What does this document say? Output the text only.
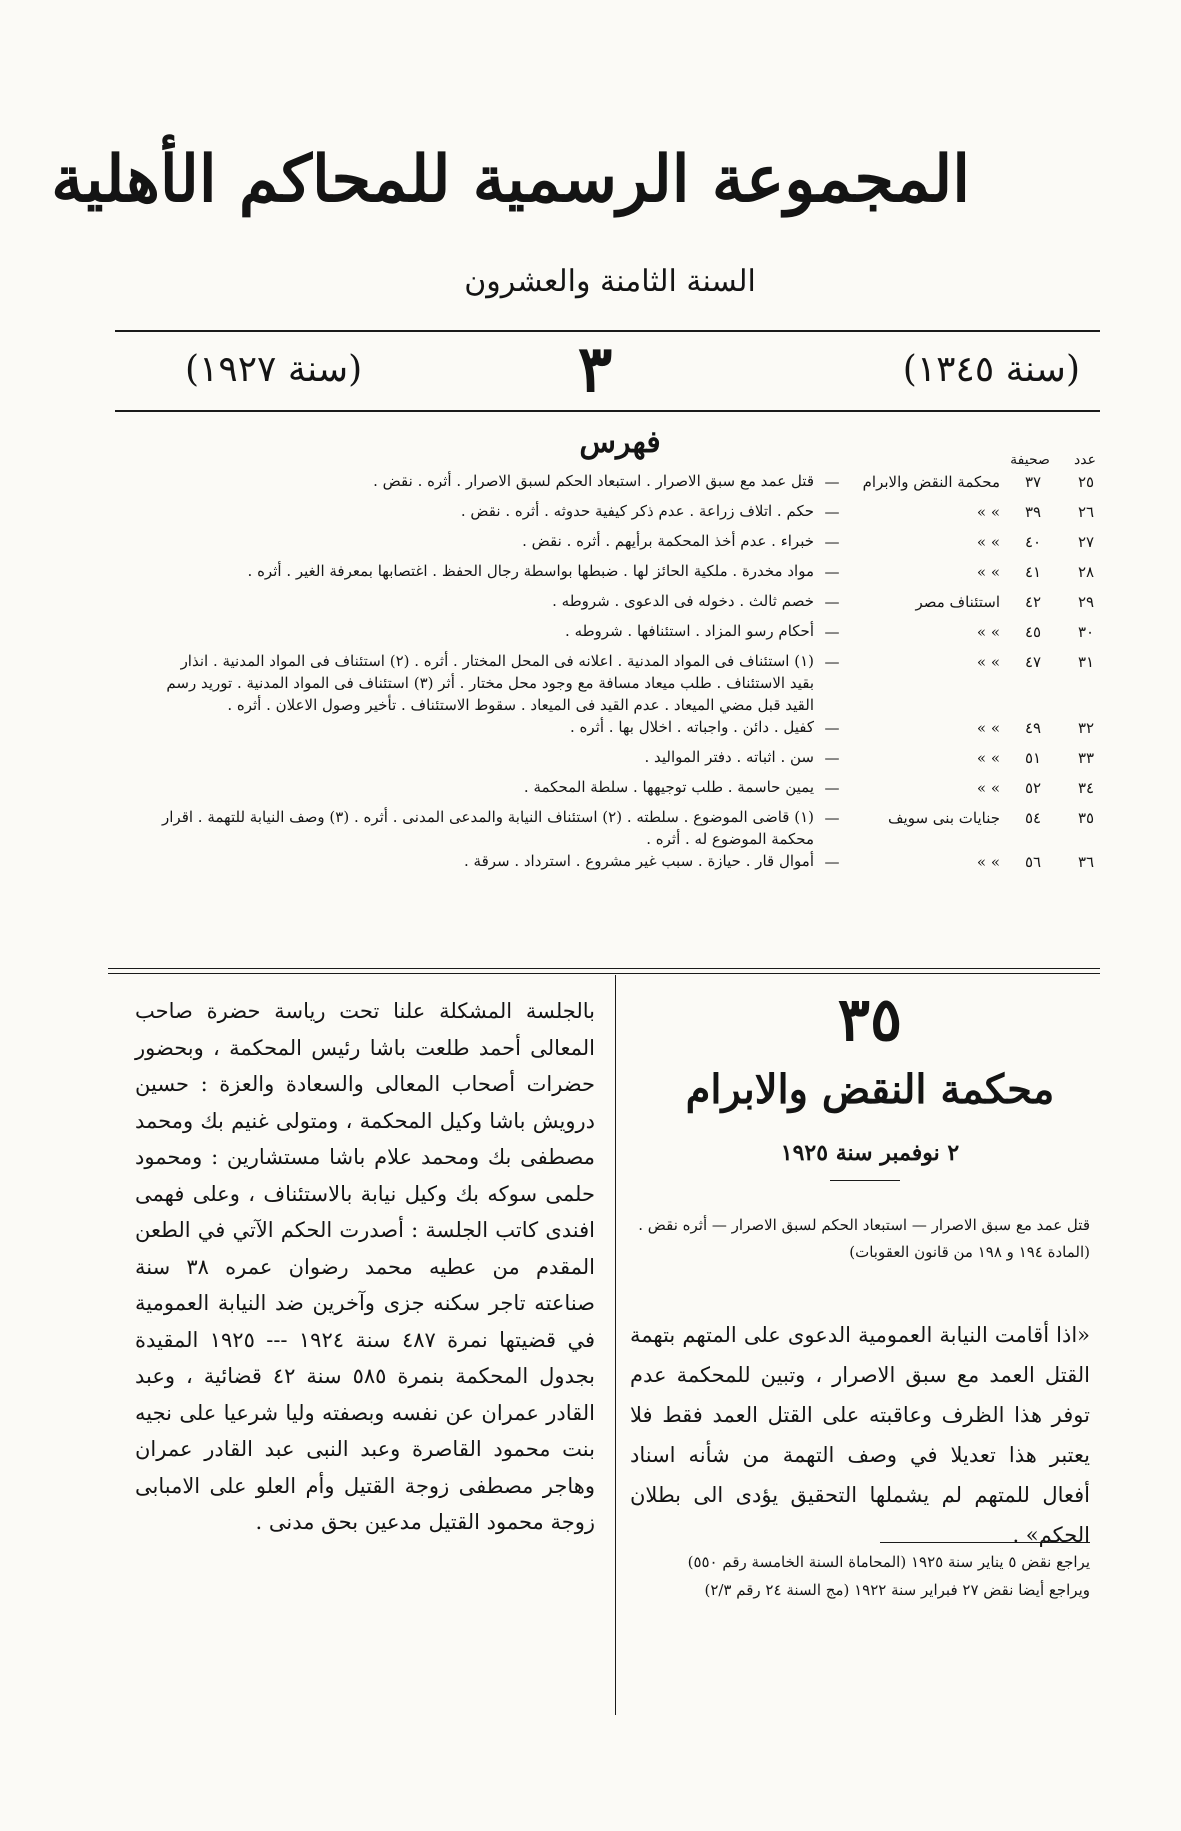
المجموعة الرسمية للمحاكم الأهلية
السنة الثامنة والعشرون
(سنة ١٣٤٥)
٣
(سنة ١٩٢٧)
فهرس	عدد
صحيفة
٢٥	٣٧	محكمة النقض والابرام	—	قتل عمد مع سبق الاصرار . استبعاد الحكم لسبق الاصرار . أثره . نقض .
٢٦	٣٩	» »	—	حكم . اتلاف زراعة . عدم ذكر كيفية حدوثه . أثره . نقض .
٢٧	٤٠	» »	—	خبراء . عدم أخذ المحكمة برأيهم . أثره . نقض .
٢٨	٤١	» »	—	مواد مخدرة . ملكية الحائز لها . ضبطها بواسطة رجال الحفظ . اغتصابها بمعرفة الغير . أثره .
٢٩	٤٢	استئناف مصر	—	خصم ثالث . دخوله فى الدعوى . شروطه .
٣٠	٤٥	» »	—	أحكام رسو المزاد . استئنافها . شروطه .
٣١	٤٧	» »	—	(١) استئناف فى المواد المدنية . اعلانه فى المحل المختار . أثره . (٢) استئناف فى المواد المدنية . انذار بقيد الاستئناف . طلب ميعاد مسافة مع وجود محل مختار . أثر (٣) استئناف فى المواد المدنية . توريد رسم القيد قبل مضي الميعاد . عدم القيد فى الميعاد . سقوط الاستئناف . تأخير وصول الاعلان . أثره .
٣٢	٤٩	» »	—	كفيل . دائن . واجباته . اخلال بها . أثره .
٣٣	٥١	» »	—	سن . اثباته . دفتر المواليد .
٣٤	٥٢	» »	—	يمين حاسمة . طلب توجيهها . سلطة المحكمة .
٣٥	٥٤	جنايات بنى سويف	—	(١) قاضى الموضوع . سلطته . (٢) استئناف النيابة والمدعى المدنى . أثره . (٣) وصف النيابة للتهمة . اقرار محكمة الموضوع له . أثره .
٣٦	٥٦	» »	—	أموال قار . حيازة . سبب غير مشروع . استرداد . سرقة .
٣٥
محكمة النقض والابرام
٢ نوفمبر سنة ١٩٢٥
قتل عمد مع سبق الاصرار — استبعاد الحكم لسبق الاصرار — أثره نقض . (المادة ١٩٤ و ١٩٨ من قانون العقوبات)
«اذا أقامت النيابة العمومية الدعوى على المتهم بتهمة القتل العمد مع سبق الاصرار ، وتبين للمحكمة عدم توفر هذا الظرف وعاقبته على القتل العمد فقط فلا يعتبر هذا تعديلا في وصف التهمة من شأنه اسناد أفعال للمتهم لم يشملها التحقيق يؤدى الى بطلان الحكم» .
يراجع نقض ٥ يناير سنة ١٩٢٥ (المحاماة السنة الخامسة رقم ٥٥٠)
ويراجع أيضا نقض ٢٧ فبراير سنة ١٩٢٢ (مج السنة ٢٤ رقم ٢/٣)
بالجلسة المشكلة علنا تحت رياسة حضرة صاحب المعالى أحمد طلعت باشا رئيس المحكمة ، وبحضور حضرات أصحاب المعالى والسعادة والعزة : حسين درويش باشا وكيل المحكمة ، ومتولى غنيم بك ومحمد مصطفى بك ومحمد علام باشا مستشارين : ومحمود حلمى سوكه بك وكيل نيابة بالاستئناف ، وعلى فهمى افندى كاتب الجلسة : أصدرت الحكم الآتي في الطعن المقدم من عطيه محمد رضوان عمره ٣٨ سنة صناعته تاجر سكنه جزى وآخرين ضد النيابة العمومية في قضيتها نمرة ٤٨٧ سنة ١٩٢٤ --- ١٩٢٥ المقيدة بجدول المحكمة بنمرة ٥٨٥ سنة ٤٢ قضائية ، وعبد القادر عمران عن نفسه وبصفته وليا شرعيا على نجيه بنت محمود القاصرة وعبد النبى عبد القادر عمران وهاجر مصطفى زوجة القتيل وأم العلو على الامبابى زوجة محمود القتيل مدعين بحق مدنى .
